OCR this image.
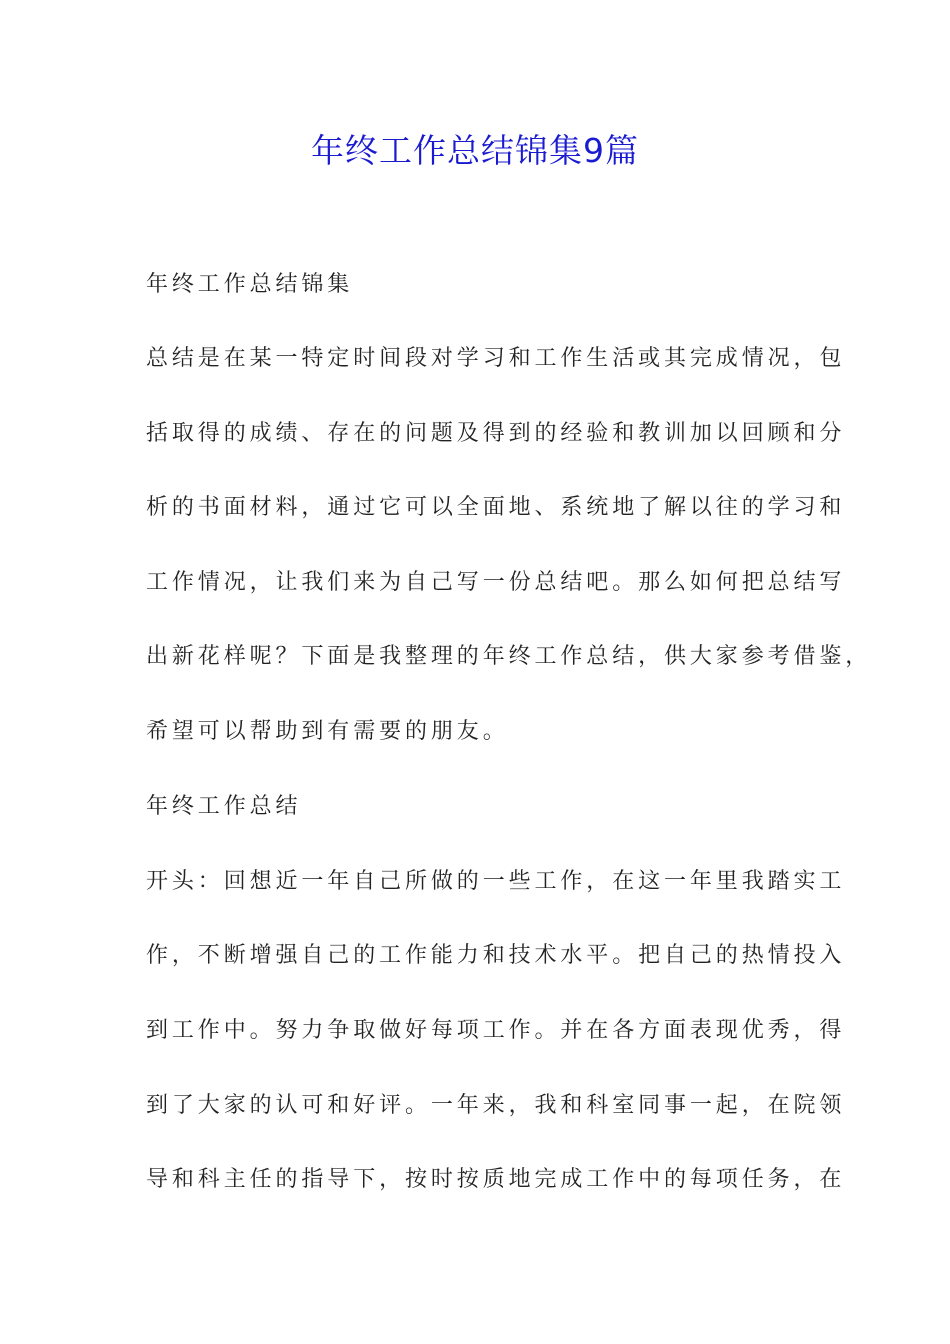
年终工作总结锦集9篇
年终工作总结锦集
总结是在某一特定时间段对学习和工作生活或其完成情况，包
括取得的成绩、存在的问题及得到的经验和教训加以回顾和分
析的书面材料，通过它可以全面地、系统地了解以往的学习和
工作情况，让我们来为自己写一份总结吧。那么如何把总结写
出新花样呢？下面是我整理的年终工作总结，供大家参考借鉴，
希望可以帮助到有需要的朋友。
年终工作总结
开头：回想近一年自己所做的一些工作，在这一年里我踏实工
作，不断增强自己的工作能力和技术水平。把自己的热情投入
到工作中。努力争取做好每项工作。并在各方面表现优秀，得
到了大家的认可和好评。一年来，我和科室同事一起，在院领
导和科主任的指导下，按时按质地完成工作中的每项任务，在
